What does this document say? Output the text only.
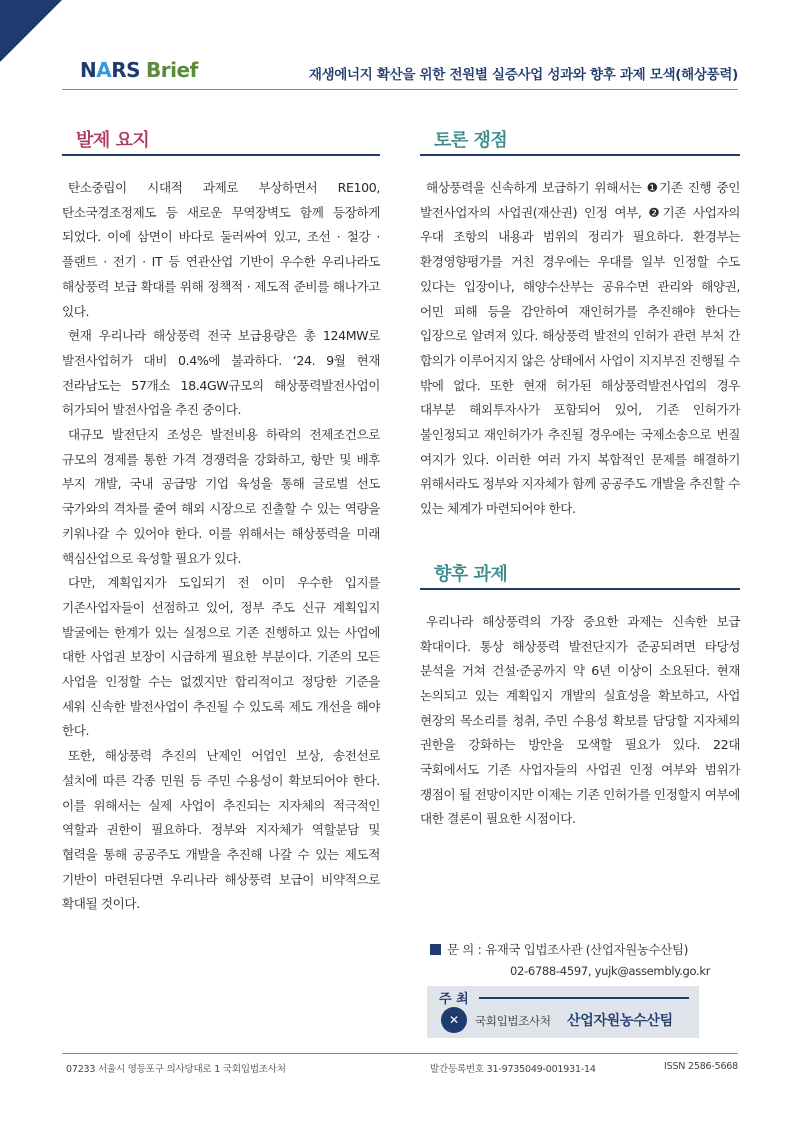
NARS Brief	재생에너지 확산을 위한 전원별 실증사업 성과와 향후 과제 모색(해상풍력)
발제 요지

탄소중립이 시대적 과제로 부상하면서 RE100, 탄소국경조정제도 등 새로운 무역장벽도 함께 등장하게 되었다. 이에 삼면이 바다로 둘러싸여 있고, 조선 · 철강 · 플랜트 · 전기 · IT 등 연관산업 기반이 우수한 우리나라도 해상풍력 보급 확대를 위해 정책적 · 제도적 준비를 해나가고 있다.

현재 우리나라 해상풍력 전국 보급용량은 총 124MW로 발전사업허가 대비 0.4%에 불과하다. ‘24. 9월 현재 전라남도는 57개소 18.4GW규모의 해상풍력발전사업이 허가되어 발전사업을 추진 중이다.

대규모 발전단지 조성은 발전비용 하락의 전제조건으로 규모의 경제를 통한 가격 경쟁력을 강화하고, 항만 및 배후 부지 개발, 국내 공급망 기업 육성을 통해 글로벌 선도 국가와의 격차를 줄여 해외 시장으로 진출할 수 있는 역량을 키워나갈 수 있어야 한다. 이를 위해서는 해상풍력을 미래 핵심산업으로 육성할 필요가 있다.

다만, 계획입지가 도입되기 전 이미 우수한 입지를 기존사업자들이 선점하고 있어, 정부 주도 신규 계획입지 발굴에는 한계가 있는 실정으로 기존 진행하고 있는 사업에 대한 사업권 보장이 시급하게 필요한 부분이다. 기존의 모든 사업을 인정할 수는 없겠지만 합리적이고 정당한 기준을 세워 신속한 발전사업이 추진될 수 있도록 제도 개선을 해야 한다.

또한, 해상풍력 추진의 난제인 어업인 보상, 송전선로 설치에 따른 각종 민원 등 주민 수용성이 확보되어야 한다. 이를 위해서는 실제 사업이 추진되는 지자체의 적극적인 역할과 권한이 필요하다. 정부와 지자체가 역할분담 및 협력을 통해 공공주도 개발을 추진해 나갈 수 있는 제도적 기반이 마련된다면 우리나라 해상풍력 보급이 비약적으로 확대될 것이다.

토론 쟁점

해상풍력을 신속하게 보급하기 위해서는 ❶기존 진행 중인 발전사업자의 사업권(재산권) 인정 여부, ❷기존 사업자의 우대 조항의 내용과 범위의 정리가 필요하다. 환경부는 환경영향평가를 거친 경우에는 우대를 일부 인정할 수도 있다는 입장이나, 해양수산부는 공유수면 관리와 해양권, 어민 피해 등을 감안하여 재인허가를 추진해야 한다는 입장으로 알려져 있다. 해상풍력 발전의 인허가 관련 부처 간 합의가 이루어지지 않은 상태에서 사업이 지지부진 진행될 수 밖에 없다. 또한 현재 허가된 해상풍력발전사업의 경우 대부분 해외투자사가 포함되어 있어, 기존 인허가가 불인정되고 재인허가가 추진될 경우에는 국제소송으로 번질 여지가 있다. 이러한 여러 가지 복합적인 문제를 해결하기 위해서라도 정부와 지자체가 함께 공공주도 개발을 추진할 수 있는 체계가 마련되어야 한다.

향후 과제

우리나라 해상풍력의 가장 중요한 과제는 신속한 보급 확대이다. 통상 해상풍력 발전단지가 준공되려면 타당성 분석을 거쳐 건설·준공까지 약 6년 이상이 소요된다. 현재 논의되고 있는 계획입지 개발의 실효성을 확보하고, 사업 현장의 목소리를 청취, 주민 수용성 확보를 담당할 지자체의 권한을 강화하는 방안을 모색할 필요가 있다. 22대 국회에서도 기존 사업자들의 사업권 인정 여부와 범위가 쟁점이 될 전망이지만 이제는 기존 인허가를 인정할지 여부에 대한 결론이 필요한 시점이다.

문 의 : 유재국 입법조사관 (산업자원농수산팀)
02-6788-4597, yujk@assembly.go.kr
주 최
✕	국회입법조사처 산업자원농수산팀
07233 서울시 영등포구 의사당대로 1 국회입법조사처	발간등록번호 31-9735049-001931-14	ISSN 2586-5668
